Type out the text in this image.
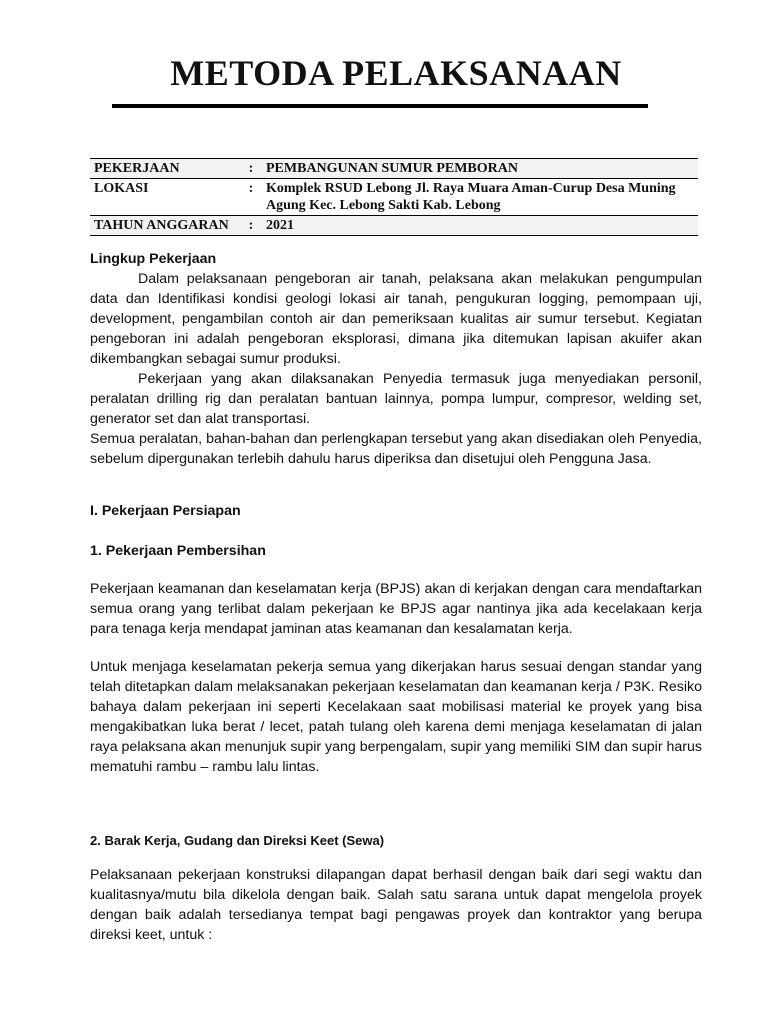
METODA PELAKSANAAN
PEKERJAAN	:	PEMBANGUNAN SUMUR PEMBORAN
LOKASI	:	Komplek RSUD Lebong Jl. Raya Muara Aman-Curup Desa Muning Agung Kec. Lebong Sakti Kab. Lebong
TAHUN ANGGARAN	:	2021

Lingkup Pekerjaan

Dalam pelaksanaan pengeboran air tanah, pelaksana akan melakukan pengumpulan data dan Identifikasi kondisi geologi lokasi air tanah, pengukuran logging, pemompaan uji, development, pengambilan contoh air dan pemeriksaan kualitas air sumur tersebut. Kegiatan pengeboran ini adalah pengeboran eksplorasi, dimana jika ditemukan lapisan akuifer akan dikembangkan sebagai sumur produksi.

Pekerjaan yang akan dilaksanakan Penyedia termasuk juga menyediakan personil, peralatan drilling rig dan peralatan bantuan lainnya, pompa lumpur, compresor, welding set, generator set dan alat transportasi.

Semua peralatan, bahan-bahan dan perlengkapan tersebut yang akan disediakan oleh Penyedia, sebelum dipergunakan terlebih dahulu harus diperiksa dan disetujui oleh Pengguna Jasa.

I. Pekerjaan Persiapan

1. Pekerjaan Pembersihan

Pekerjaan keamanan dan keselamatan kerja (BPJS) akan di kerjakan dengan cara mendaftarkan semua orang yang terlibat dalam pekerjaan ke BPJS agar nantinya jika ada kecelakaan kerja para tenaga kerja mendapat jaminan atas keamanan dan kesalamatan kerja.

Untuk menjaga keselamatan pekerja semua yang dikerjakan harus sesuai dengan standar yang telah ditetapkan dalam melaksanakan pekerjaan keselamatan dan keamanan kerja / P3K. Resiko bahaya dalam pekerjaan ini seperti Kecelakaan saat mobilisasi material ke proyek yang bisa mengakibatkan luka berat / lecet, patah tulang oleh karena demi menjaga keselamatan di jalan raya pelaksana akan menunjuk supir yang berpengalam, supir yang memiliki SIM dan supir harus mematuhi rambu – rambu lalu lintas.

2. Barak Kerja, Gudang dan Direksi Keet (Sewa)

Pelaksanaan pekerjaan konstruksi dilapangan dapat berhasil dengan baik dari segi waktu dan kualitasnya/mutu bila dikelola dengan baik. Salah satu sarana untuk dapat mengelola proyek dengan baik adalah tersedianya tempat bagi pengawas proyek dan kontraktor yang berupa direksi keet, untuk :
